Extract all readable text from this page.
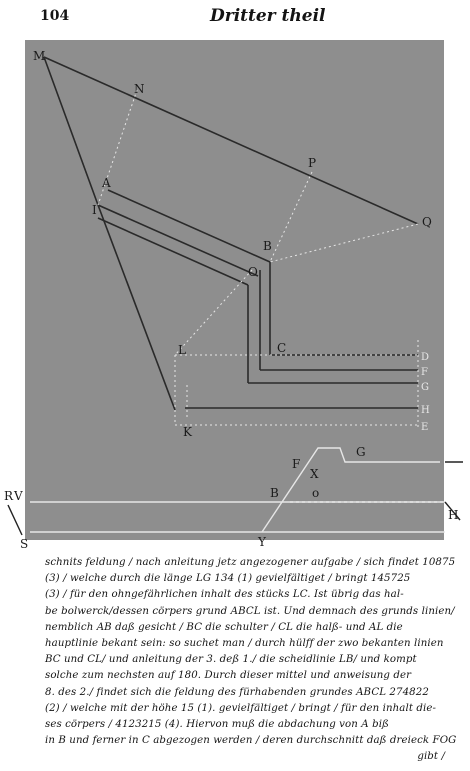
104	Dritter theil
M
N
P
Q
A
I
B
O
L	C
K
D
F
G
H
E
F
X
G
B	o
R V
S	Y
H
schnits feldung / nach anleitung jetz angezogener aufgabe / sich findet 10875
(3) / welche durch die länge LG 134 (1) gevielfältiget / bringt 145725
(3) / für den ohngefährlichen inhalt des stücks LC. Ist übrig das hal-
be bolwerck/dessen cörpers grund ABCL ist. Und demnach des grunds linien/
nemblich AB daß gesicht / BC die schulter / CL die halß- und AL die
hauptlinie bekant sein: so suchet man / durch hülff der zwo bekanten linien
BC und CL/ und anleitung der 3. deß 1./ die scheidlinie LB/ und kompt
solche zum nechsten auf 180. Durch dieser mittel und anweisung der
8. des 2./ findet sich die feldung des fürhabenden grundes ABCL 274822
(2) / welche mit der höhe 15 (1). gevielfältiget / bringt / für den inhalt die-
ses cörpers / 4123215 (4). Hiervon muß die abdachung von A biß
in B und ferner in C abgezogen werden / deren durchschnitt daß dreieck FOG
gibt /
